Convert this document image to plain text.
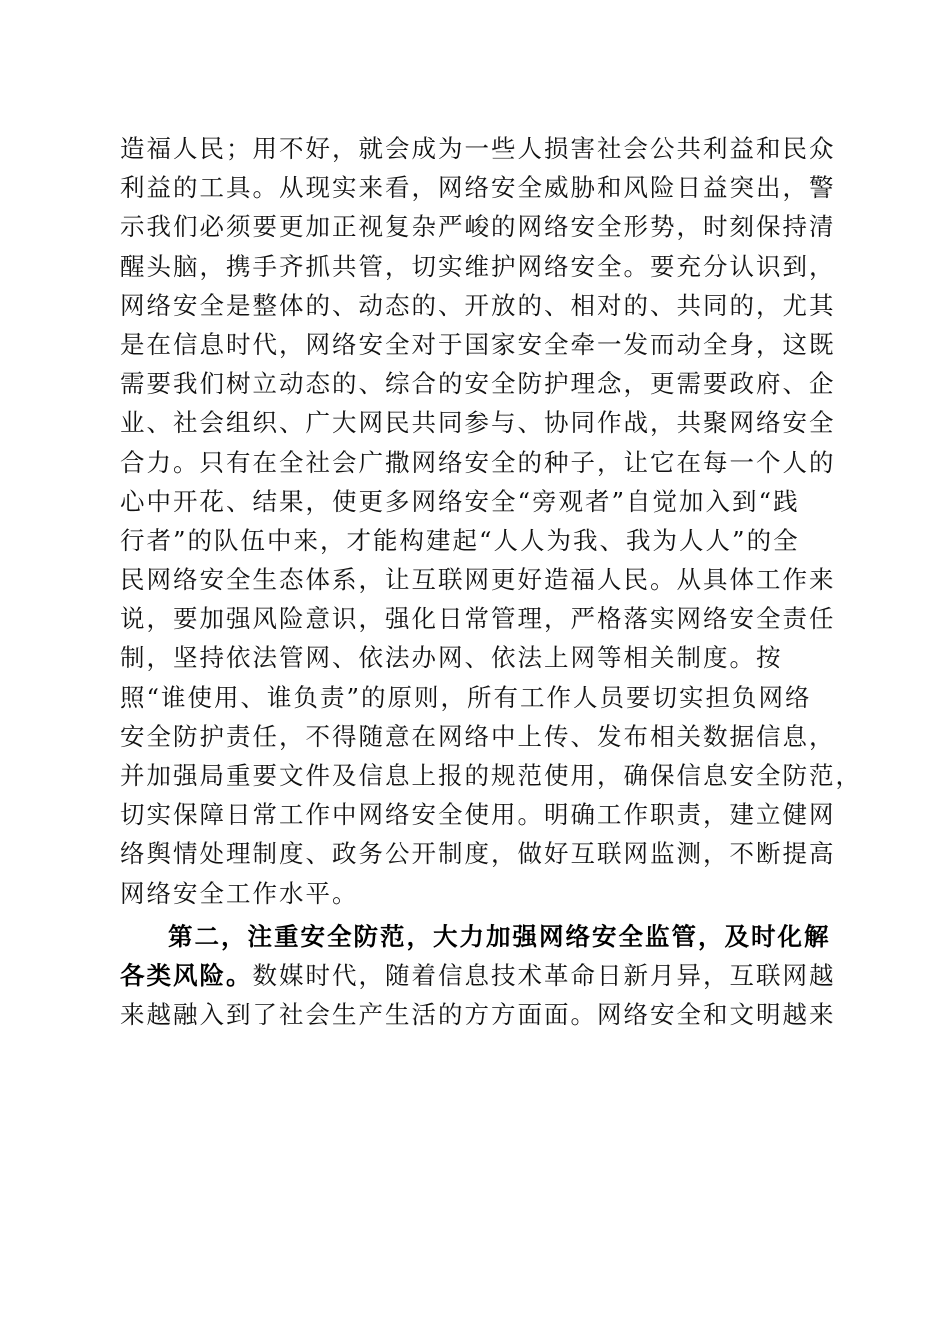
造福人民；用不好，就会成为一些人损害社会公共利益和民众
利益的工具。从现实来看，网络安全威胁和风险日益突出，警
示我们必须要更加正视复杂严峻的网络安全形势，时刻保持清
醒头脑，携手齐抓共管，切实维护网络安全。要充分认识到，
网络安全是整体的、动态的、开放的、相对的、共同的，尤其
是在信息时代，网络安全对于国家安全牵一发而动全身，这既
需要我们树立动态的、综合的安全防护理念，更需要政府、企
业、社会组织、广大网民共同参与、协同作战，共聚网络安全
合力。只有在全社会广撒网络安全的种子，让它在每一个人的
心中开花、结果，使更多网络安全“旁观者”自觉加入到“践
行者”的队伍中来，才能构建起“人人为我、我为人人”的全
民网络安全生态体系，让互联网更好造福人民。从具体工作来
说，要加强风险意识，强化日常管理，严格落实网络安全责任
制，坚持依法管网、依法办网、依法上网等相关制度。按
照“谁使用、谁负责”的原则，所有工作人员要切实担负网络
安全防护责任，不得随意在网络中上传、发布相关数据信息，
并加强局重要文件及信息上报的规范使用，确保信息安全防范，
切实保障日常工作中网络安全使用。明确工作职责，建立健网
络舆情处理制度、政务公开制度，做好互联网监测，不断提高
网络安全工作水平。
第二，注重安全防范，大力加强网络安全监管，及时化解
各类风险。数媒时代，随着信息技术革命日新月异，互联网越
来越融入到了社会生产生活的方方面面。网络安全和文明越来
